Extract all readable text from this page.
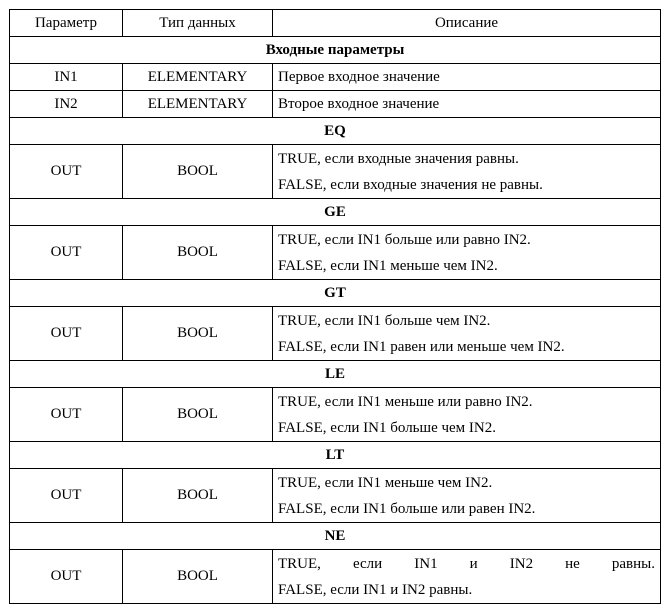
Параметр	Тип данных	Описание
Входные параметры		
IN1	ELEMENTARY	Первое входное значение
IN2	ELEMENTARY	Второе входное значение
EQ		
OUT	BOOL	TRUE, если входные значения равны.
FALSE, если входные значения не равны.

GE		
OUT	BOOL	TRUE, если IN1 больше или равно IN2.
FALSE, если IN1 меньше чем IN2.

GT		
OUT	BOOL	TRUE, если IN1 больше чем IN2.
FALSE, если IN1 равен или меньше чем IN2.

LE		
OUT	BOOL	TRUE, если IN1 меньше или равно IN2.
FALSE, если IN1 больше чем IN2.

LT		
OUT	BOOL	TRUE, если IN1 меньше чем IN2.
FALSE, если IN1 больше или равен IN2.

NE		
OUT	BOOL	TRUE, если IN1 и IN2 не равны.
FALSE, если IN1 и IN2 равны.
